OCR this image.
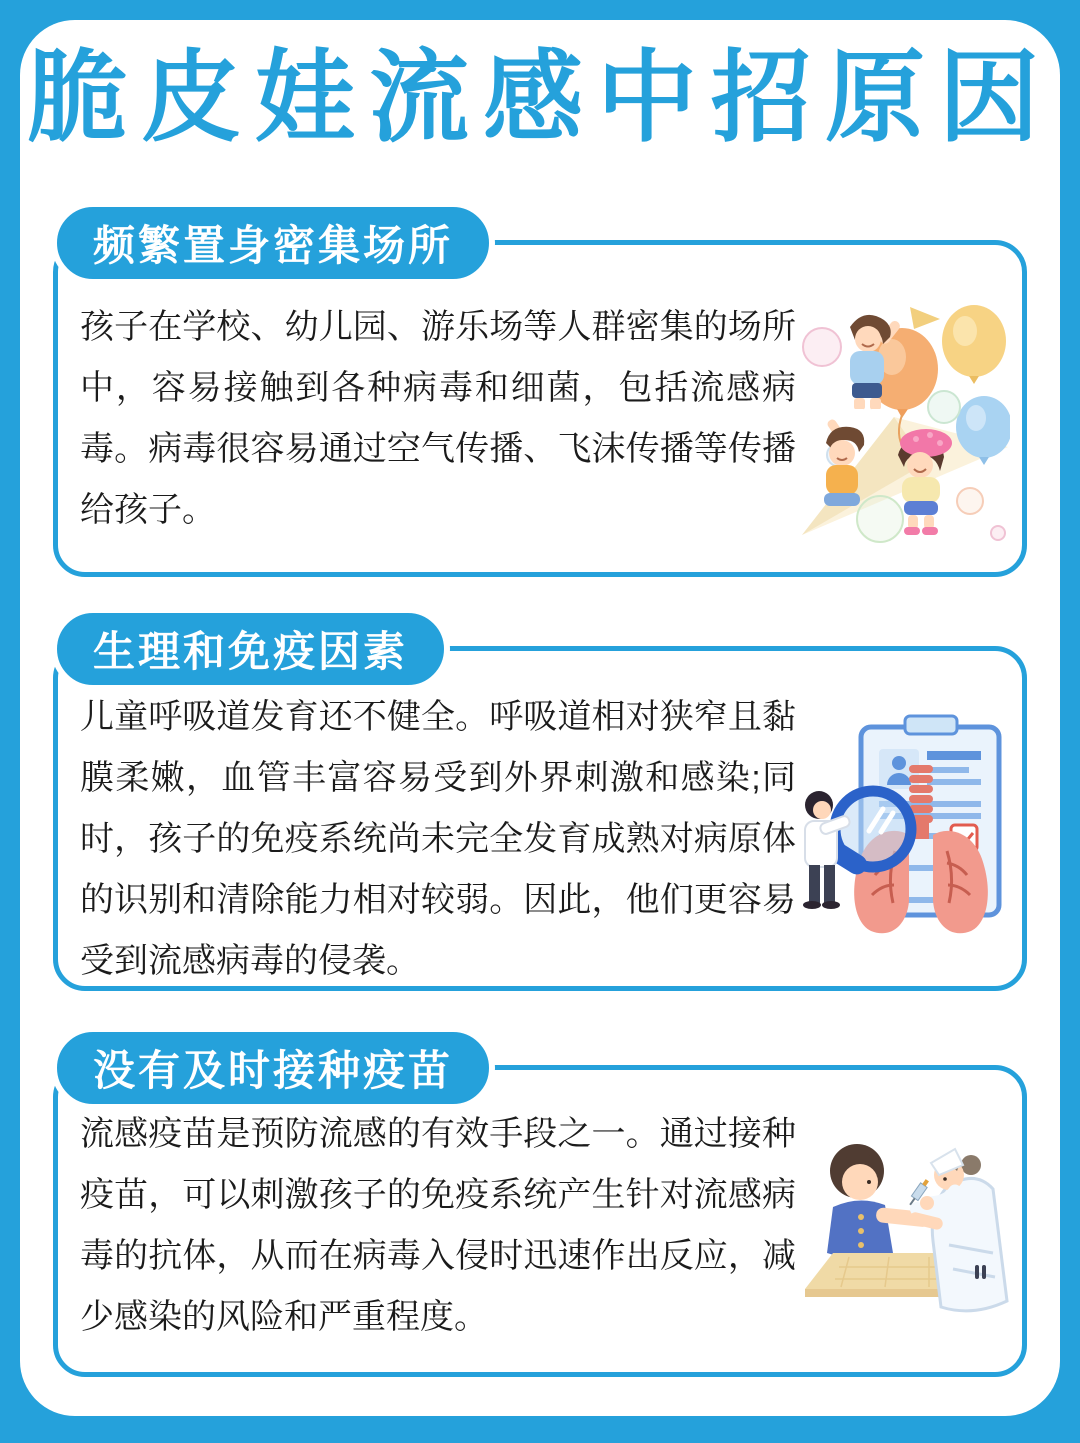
脆皮娃流感中招原因
频繁置身密集场所

孩子在学校、幼儿园、游乐场等人群密集的场所中，容易接触到各种病毒和细菌，包括流感病毒。病毒很容易通过空气传播、飞沫传播等传播给孩子。

生理和免疫因素

儿童呼吸道发育还不健全。呼吸道相对狭窄且黏膜柔嫩，血管丰富容易受到外界刺激和感染;同时，孩子的免疫系统尚未完全发育成熟对病原体的识别和清除能力相对较弱。因此，他们更容易受到流感病毒的侵袭。

没有及时接种疫苗

流感疫苗是预防流感的有效手段之一。通过接种疫苗，可以刺激孩子的免疫系统产生针对流感病毒的抗体，从而在病毒入侵时迅速作出反应，减少感染的风险和严重程度。
